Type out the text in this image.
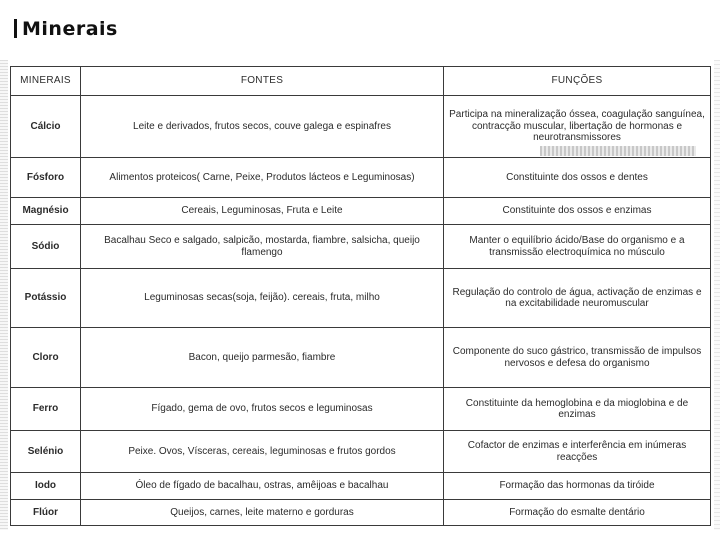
Minerais
MINERAIS	FONTES	FUNÇÕES
Cálcio	Leite e derivados, frutos secos, couve galega e espinafres	Participa na mineralização óssea, coagulação sanguínea, contracção muscular, libertação de hormonas e neurotransmissores
Fósforo	Alimentos proteicos( Carne, Peixe, Produtos lácteos e Leguminosas)	Constituinte dos ossos e dentes
Magnésio	Cereais, Leguminosas, Fruta e Leite	Constituinte dos ossos e enzimas
Sódio	Bacalhau Seco e salgado, salpicão, mostarda, fiambre, salsicha, queijo flamengo	Manter o equilíbrio ácido/Base do organismo e a transmissão electroquímica no músculo
Potássio	Leguminosas secas(soja, feijão). cereais, fruta, milho	Regulação do controlo de água, activação de enzimas e na excitabilidade neuromuscular
Cloro	Bacon, queijo parmesão, fiambre	Componente do suco gástrico, transmissão de impulsos nervosos e defesa do organismo
Ferro	Fígado, gema de ovo, frutos secos e leguminosas	Constituinte da hemoglobina e da mioglobina e de enzimas
Selénio	Peixe. Ovos, Vísceras, cereais, leguminosas e frutos gordos	Cofactor de enzimas e interferência em inúmeras reacções
Iodo	Óleo de fígado de bacalhau, ostras, amêijoas e bacalhau	Formação das hormonas da tiróide
Flúor	Queijos, carnes, leite materno e gorduras	Formação do esmalte dentário
